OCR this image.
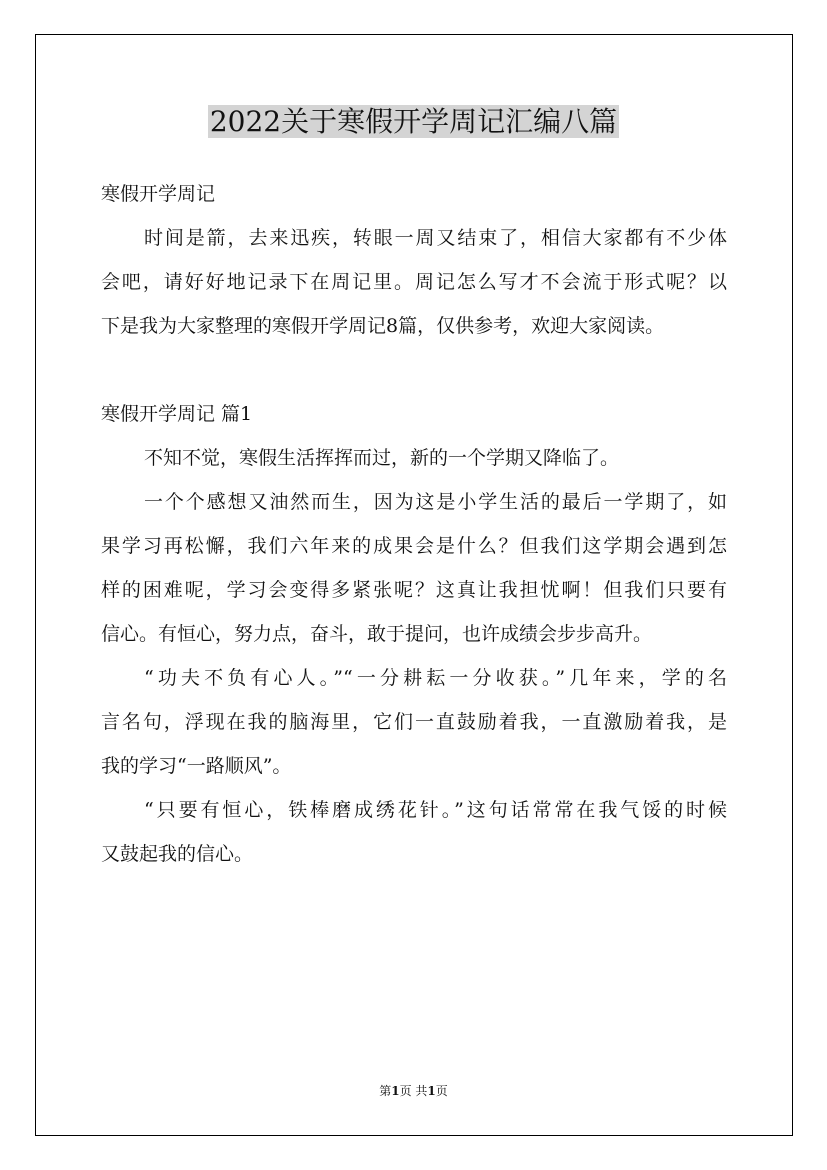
2022关于寒假开学周记汇编八篇

寒假开学周记

时间是箭，去来迅疾，转眼一周又结束了，相信大家都有不少体

会吧，请好好地记录下在周记里。周记怎么写才不会流于形式呢？以

下是我为大家整理的寒假开学周记8篇，仅供参考，欢迎大家阅读。

寒假开学周记 篇1

不知不觉，寒假生活挥挥而过，新的一个学期又降临了。

一个个感想又油然而生，因为这是小学生活的最后一学期了，如

果学习再松懈，我们六年来的成果会是什么？但我们这学期会遇到怎

样的困难呢，学习会变得多紧张呢？这真让我担忧啊！但我们只要有

信心。有恒心，努力点，奋斗，敢于提问，也许成绩会步步高升。

“功夫不负有心人。”“一分耕耘一分收获。”几年来，学的名

言名句，浮现在我的脑海里，它们一直鼓励着我，一直激励着我，是

我的学习“一路顺风”。

“只要有恒心，铁棒磨成绣花针。”这句话常常在我气馁的时候

又鼓起我的信心。

第1页 共1页
